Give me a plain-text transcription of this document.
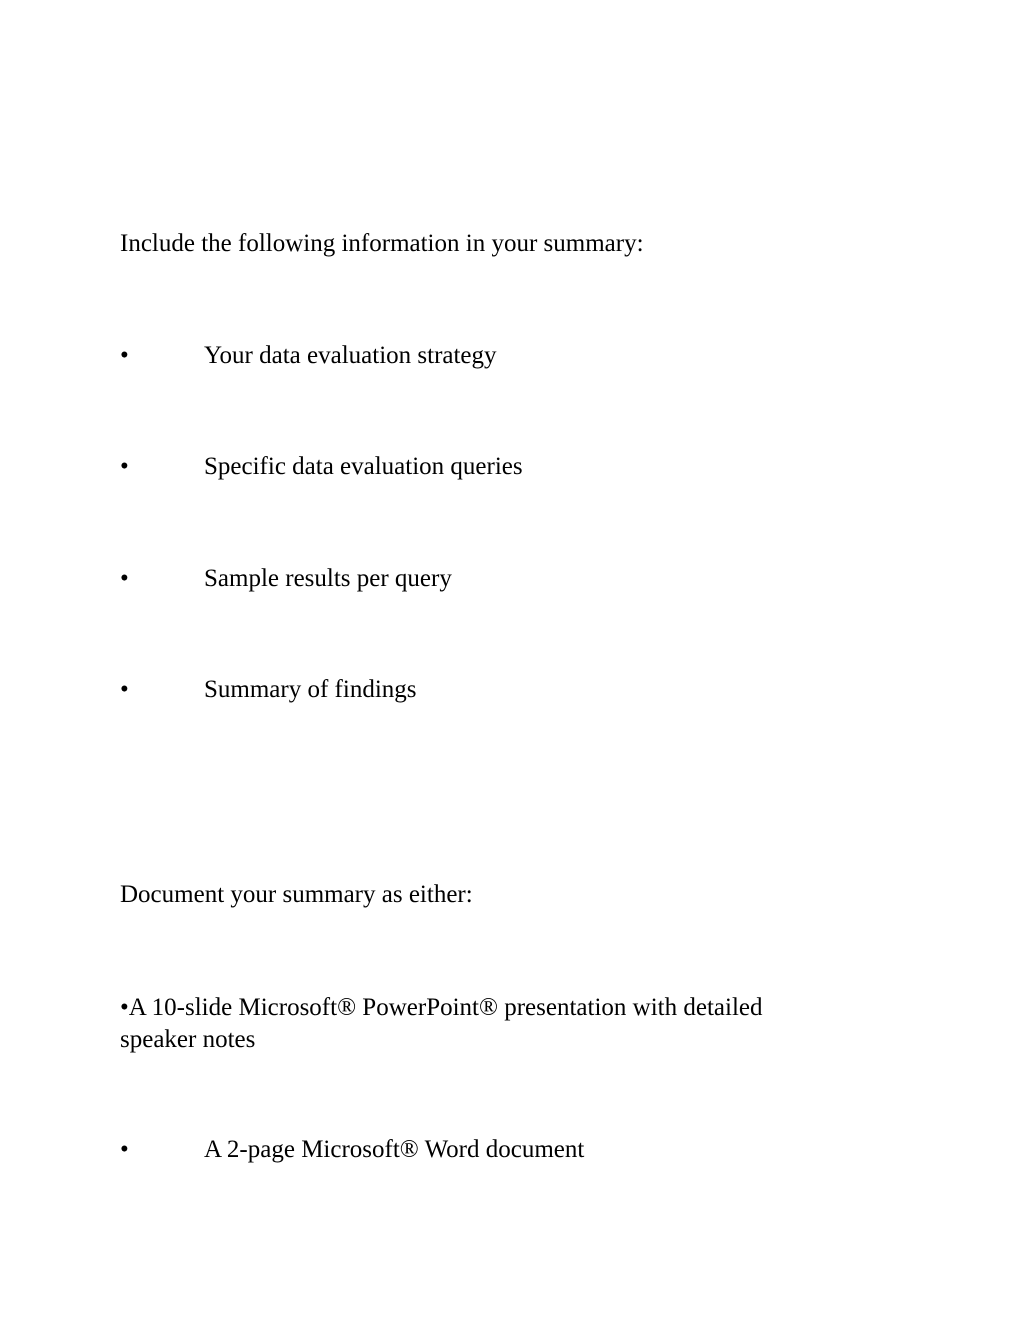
Include the following information in your summary:

•	Your data evaluation strategy
•	Specific data evaluation queries
•	Sample results per query
•	Summary of findings

Document your summary as either:

•A 10-slide Microsoft® PowerPoint® presentation with detailed speaker notes

•	A 2-page Microsoft® Word document
